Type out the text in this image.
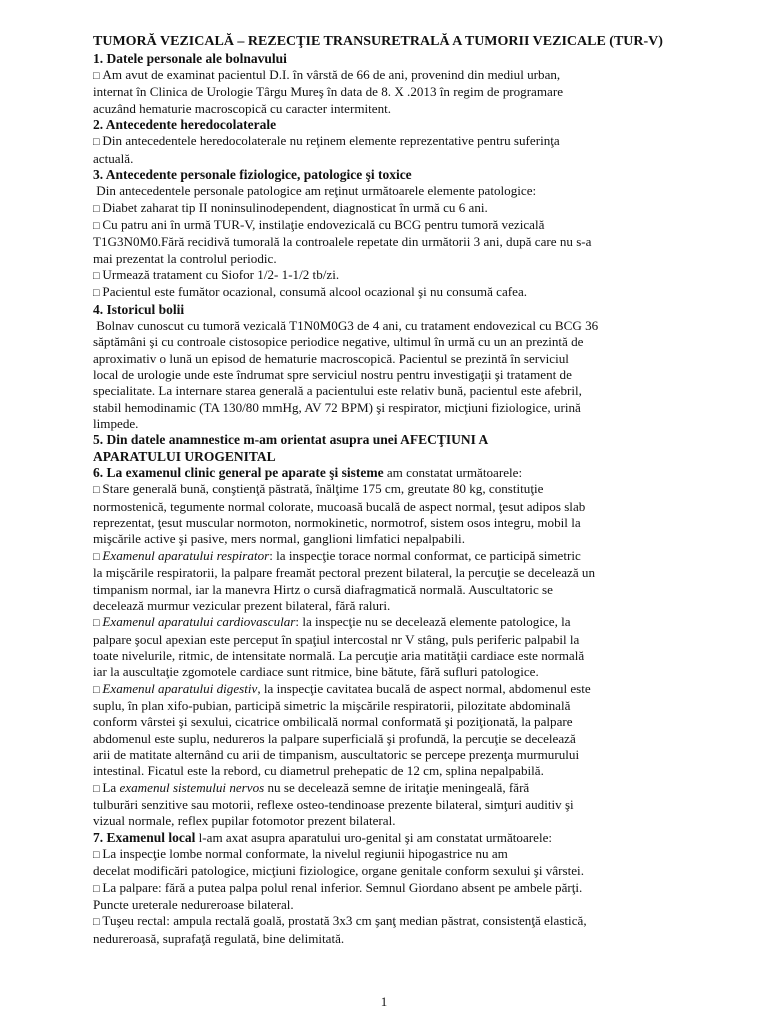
TUMORĂ VEZICALĂ – REZECŢIE TRANSURETRALĂ A TUMORII VEZICALE (TUR-V)
1. Datele personale ale bolnavului
□ Am avut de examinat pacientul D.I. în vârstă de 66 de ani, provenind din mediul urban,
internat în Clinica de Urologie Târgu Mureş în data de 8. X .2013 în regim de programare
acuzând hematurie macroscopică cu caracter intermitent.
2. Antecedente heredocolaterale
□ Din antecedentele heredocolaterale nu reţinem elemente reprezentative pentru suferinţa
actuală.
3. Antecedente personale fiziologice, patologice şi toxice
Din antecedentele personale patologice am reţinut următoarele elemente patologice:
□ Diabet zaharat tip II noninsulinodependent, diagnosticat în urmă cu 6 ani.
□ Cu patru ani în urmă TUR-V, instilaţie endovezicală cu BCG pentru tumoră vezicală
T1G3N0M0.Fără recidivă tumorală la controalele repetate din următorii 3 ani, după care nu s-a
mai prezentat la controlul periodic.
□ Urmează tratament cu Siofor 1/2- 1-1/2 tb/zi.
□ Pacientul este fumător ocazional, consumă alcool ocazional şi nu consumă cafea.
4. Istoricul bolii
Bolnav cunoscut cu tumoră vezicală T1N0M0G3 de 4 ani, cu tratament endovezical cu BCG 36
săptămâni şi cu controale cistosopice periodice negative, ultimul în urmă cu un an prezintă de
aproximativ o lună un episod de hematurie macroscopică. Pacientul se prezintă în serviciul
local de urologie unde este îndrumat spre serviciul nostru pentru investigaţii şi tratament de
specialitate. La internare starea generală a pacientului este relativ bună, pacientul este afebril,
stabil hemodinamic (TA 130/80 mmHg, AV 72 BPM) şi respirator, micţiuni fiziologice, urină
limpede.
5. Din datele anamnestice m-am orientat asupra unei AFECŢIUNI A
APARATULUI UROGENITAL
6. La examenul clinic general pe aparate şi sisteme am constatat următoarele:
□ Stare generală bună, conştienţă păstrată, înălţime 175 cm, greutate 80 kg, constituţie
normostenică, tegumente normal colorate, mucoasă bucală de aspect normal, ţesut adipos slab
reprezentat, ţesut muscular normoton, normokinetic, normotrof, sistem osos integru, mobil la
mişcările active şi pasive, mers normal, ganglioni limfatici nepalpabili.
□ Examenul aparatului respirator: la inspecţie torace normal conformat, ce participă simetric
la mişcările respiratorii, la palpare freamăt pectoral prezent bilateral, la percuţie se decelează un
timpanism normal, iar la manevra Hirtz o cursă diafragmatică normală. Auscultatoric se
decelează murmur vezicular prezent bilateral, fără raluri.
□ Examenul aparatului cardiovascular: la inspecţie nu se decelează elemente patologice, la
palpare şocul apexian este perceput în spaţiul intercostal nr V stâng, puls periferic palpabil la
toate nivelurile, ritmic, de intensitate normală. La percuţie aria matităţii cardiace este normală
iar la auscultaţie zgomotele cardiace sunt ritmice, bine bătute, fără sufluri patologice.
□ Examenul aparatului digestiv, la inspecţie cavitatea bucală de aspect normal, abdomenul este
suplu, în plan xifo-pubian, participă simetric la mişcările respiratorii, pilozitate abdominală
conform vârstei şi sexului, cicatrice ombilicală normal conformată şi poziţionată, la palpare
abdomenul este suplu, nedureros la palpare superficială şi profundă, la percuţie se decelează
arii de matitate alternând cu arii de timpanism, auscultatoric se percepe prezenţa murmurului
intestinal. Ficatul este la rebord, cu diametrul prehepatic de 12 cm, splina nepalpabilă.
□ La examenul sistemului nervos nu se decelează semne de iritaţie meningeală, fără
tulburări senzitive sau motorii, reflexe osteo-tendinoase prezente bilateral, simţuri auditiv şi
vizual normale, reflex pupilar fotomotor prezent bilateral.
7. Examenul local l-am axat asupra aparatului uro-genital şi am constatat următoarele:
□ La inspecţie lombe normal conformate, la nivelul regiunii hipogastrice nu am
decelat modificări patologice, micţiuni fiziologice, organe genitale conform sexului şi vârstei.
□ La palpare: fără a putea palpa polul renal inferior. Semnul Giordano absent pe ambele părţi.
Puncte ureterale nedureroase bilateral.
□ Tuşeu rectal: ampula rectală goală, prostată 3x3 cm şanţ median păstrat, consistenţă elastică,
nedureroasă, suprafaţă regulată, bine delimitată.
1
